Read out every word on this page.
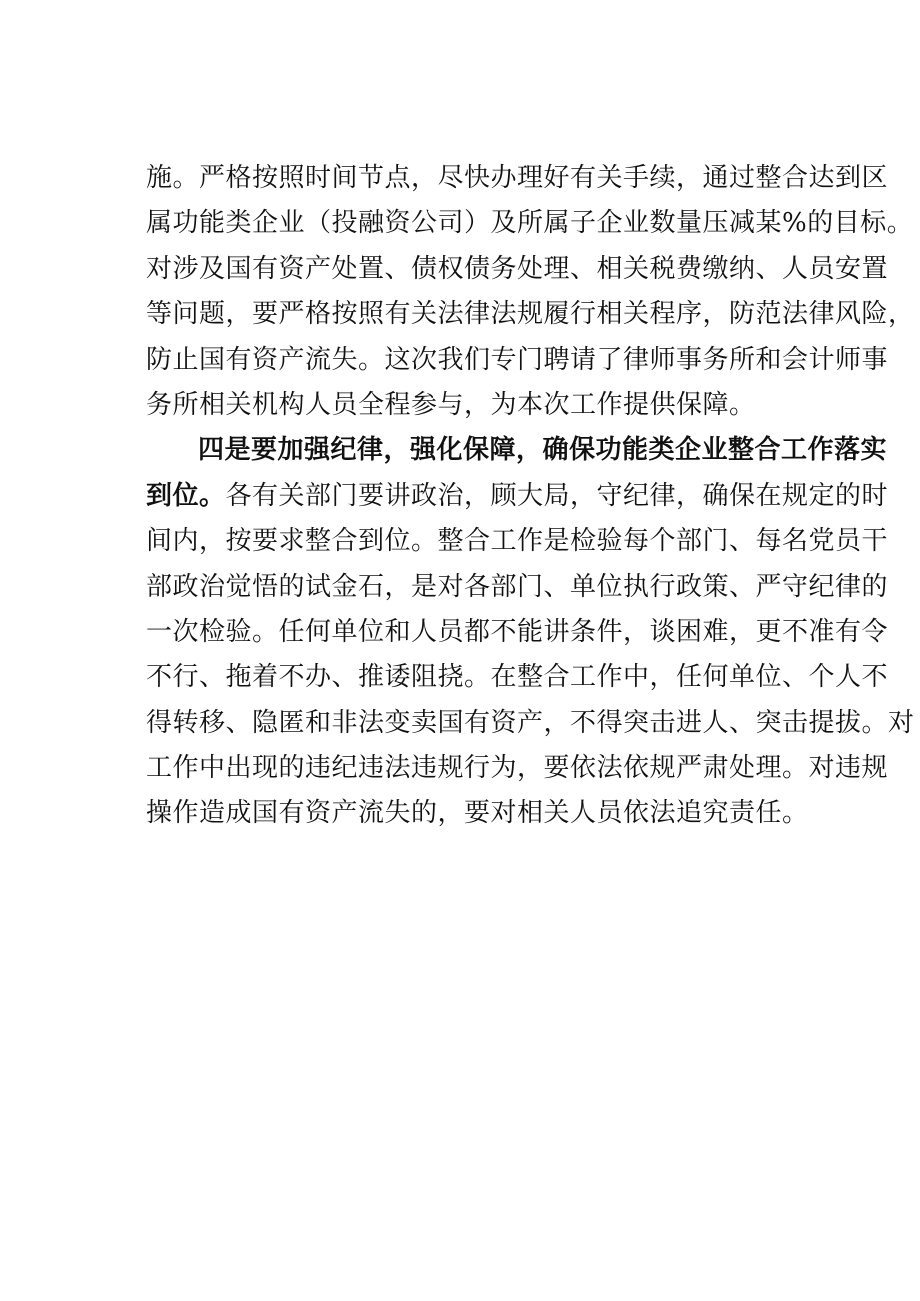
施。严格按照时间节点，尽快办理好有关手续，通过整合达到区
属功能类企业（投融资公司）及所属子企业数量压减某%的目标。
对涉及国有资产处置、债权债务处理、相关税费缴纳、人员安置
等问题，要严格按照有关法律法规履行相关程序，防范法律风险，
防止国有资产流失。这次我们专门聘请了律师事务所和会计师事
务所相关机构人员全程参与，为本次工作提供保障。
四是要加强纪律，强化保障，确保功能类企业整合工作落实
到位。各有关部门要讲政治，顾大局，守纪律，确保在规定的时
间内，按要求整合到位。整合工作是检验每个部门、每名党员干
部政治觉悟的试金石，是对各部门、单位执行政策、严守纪律的
一次检验。任何单位和人员都不能讲条件，谈困难，更不准有令
不行、拖着不办、推诿阻挠。在整合工作中，任何单位、个人不
得转移、隐匿和非法变卖国有资产，不得突击进人、突击提拔。对
工作中出现的违纪违法违规行为，要依法依规严肃处理。对违规
操作造成国有资产流失的，要对相关人员依法追究责任。
